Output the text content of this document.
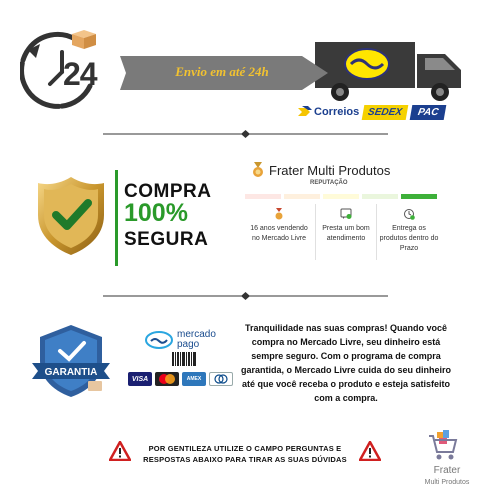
24	Envio em até 24h
Correios SEDEX	PAC
COMPRA
100%
SEGURA
Frater Multi Produtos
REPUTAÇÃO
16 anos vendendo no Mercado Livre
Presta um bom atendimento
Entrega os produtos dentro do Prazo
GARANTIA
mercado
pago
VISA	AMEX
Tranquilidade nas suas compras! Quando você compra no Mercado Livre, seu dinheiro está sempre seguro. Com o programa de compra garantida, o Mercado Livre cuida do seu dinheiro até que você receba o produto e esteja satisfeito com a compra.
POR GENTILEZA UTILIZE O CAMPO PERGUNTAS E RESPOSTAS ABAIXO PARA TIRAR AS SUAS DÚVIDAS
Frater
Multi Produtos
